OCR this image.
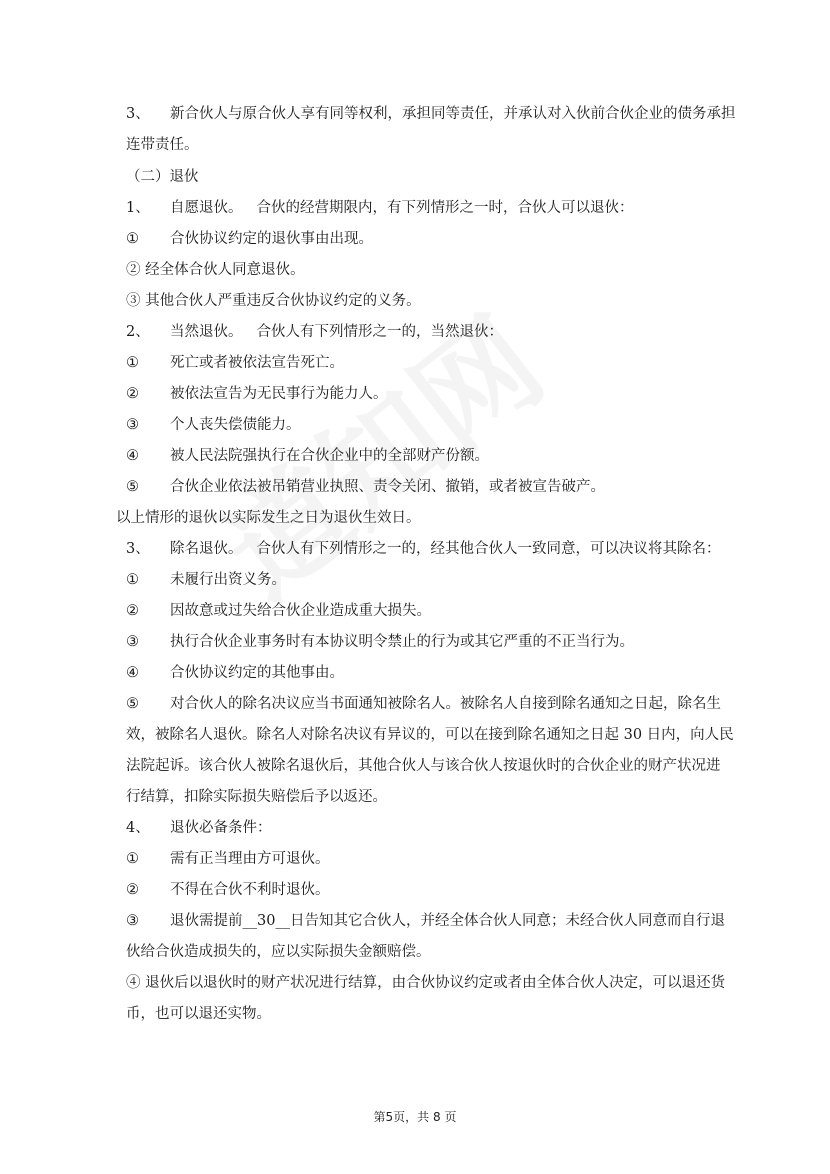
3、 新合伙人与原合伙人享有同等权利，承担同等责任，并承认对入伙前合伙企业的债务承担
连带责任。
（二）退伙
1、 自愿退伙。 合伙的经营期限内，有下列情形之一时，合伙人可以退伙：
① 合伙协议约定的退伙事由出现。
② 经全体合伙人同意退伙。
③ 其他合伙人严重违反合伙协议约定的义务。
2、 当然退伙。 合伙人有下列情形之一的，当然退伙：
① 死亡或者被依法宣告死亡。
② 被依法宣告为无民事行为能力人。
③ 个人丧失偿债能力。
④ 被人民法院强执行在合伙企业中的全部财产份额。
⑤ 合伙企业依法被吊销营业执照、责令关闭、撤销，或者被宣告破产。
以上情形的退伙以实际发生之日为退伙生效日。
3、 除名退伙。 合伙人有下列情形之一的，经其他合伙人一致同意，可以决议将其除名：
① 未履行出资义务。
② 因故意或过失给合伙企业造成重大损失。
③ 执行合伙企业事务时有本协议明令禁止的行为或其它严重的不正当行为。
④ 合伙协议约定的其他事由。
⑤ 对合伙人的除名决议应当书面通知被除名人。被除名人自接到除名通知之日起，除名生
效，被除名人退伙。除名人对除名决议有异议的，可以在接到除名通知之日起 30 日内，向人民
法院起诉。该合伙人被除名退伙后，其他合伙人与该合伙人按退伙时的合伙企业的财产状况进
行结算，扣除实际损失赔偿后予以返还。
4、 退伙必备条件：
① 需有正当理由方可退伙。
② 不得在合伙不利时退伙。
③ 退伙需提前__30__日告知其它合伙人，并经全体合伙人同意；未经合伙人同意而自行退
伙给合伙造成损失的，应以实际损失金额赔偿。
④ 退伙后以退伙时的财产状况进行结算，由合伙协议约定或者由全体合伙人决定，可以退还货
币，也可以退还实物。
第5页，共 8 页
